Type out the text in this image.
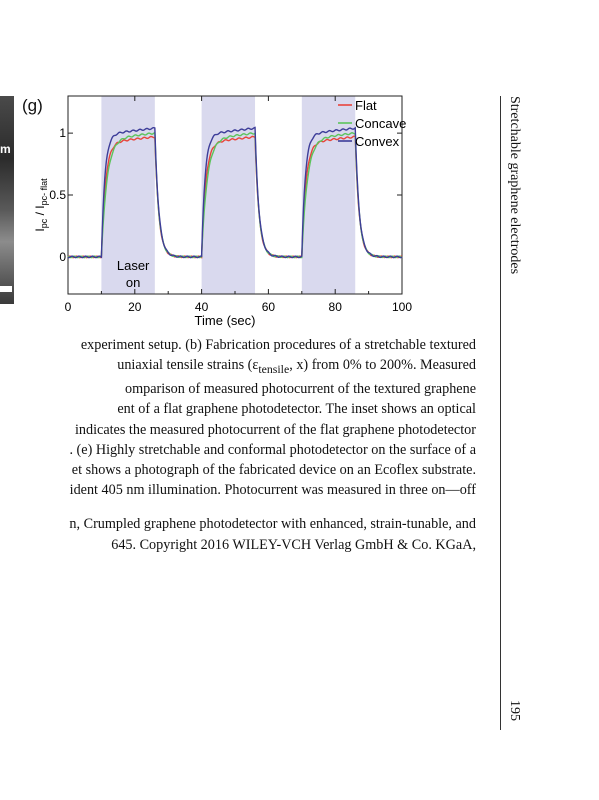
m
(g)
0	20	40	60	80	100
0
0.5
1
Time (sec)
$I_{pc} / I_{pc- flat}$
Flat
Concave
Convex
Laser
on

experiment setup. (b) Fabrication procedures of a stretchable textured

uniaxial tensile strains ($\varepsilon_{tensile}$, x) from 0% to 200%. Measured

omparison of measured photocurrent of the textured graphene

ent of a flat graphene photodetector. The inset shows an optical

indicates the measured photocurrent of the flat graphene photodetector

. (e) Highly stretchable and conformal photodetector on the surface of a

et shows a photograph of the fabricated device on an Ecoflex substrate.

ident 405 nm illumination. Photocurrent was measured in three on—off

n, Crumpled graphene photodetector with enhanced, strain-tunable, and

645. Copyright 2016 WILEY-VCH Verlag GmbH & Co. KGaA,

Stretchable graphene electrodes
195
